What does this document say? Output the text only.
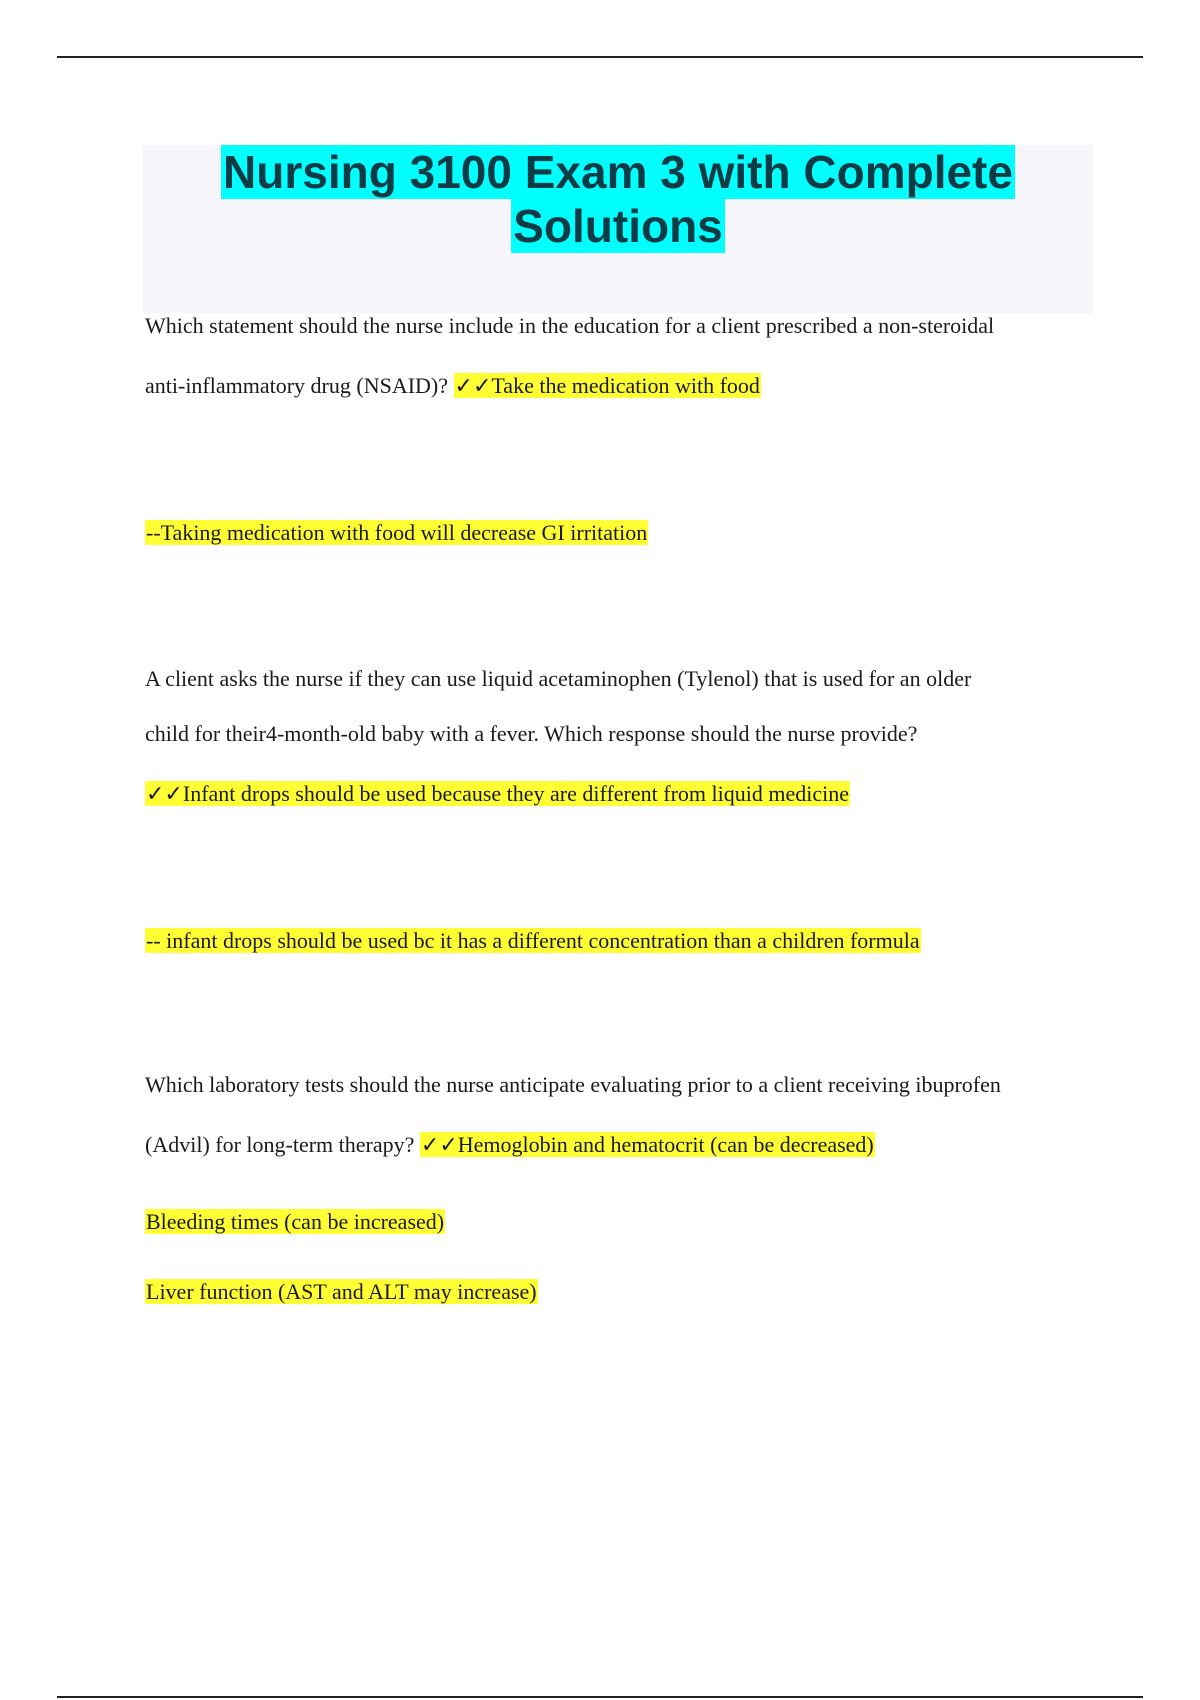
Nursing 3100 Exam 3 with Complete
Solutions
Which statement should the nurse include in the education for a client prescribed a non-steroidal
anti-inflammatory drug (NSAID)? ✓✓Take the medication with food
--Taking medication with food will decrease GI irritation
A client asks the nurse if they can use liquid acetaminophen (Tylenol) that is used for an older
child for their4-month-old baby with a fever. Which response should the nurse provide?
✓✓Infant drops should be used because they are different from liquid medicine
-- infant drops should be used bc it has a different concentration than a children formula
Which laboratory tests should the nurse anticipate evaluating prior to a client receiving ibuprofen
(Advil) for long-term therapy? ✓✓Hemoglobin and hematocrit (can be decreased)
Bleeding times (can be increased)
Liver function (AST and ALT may increase)
